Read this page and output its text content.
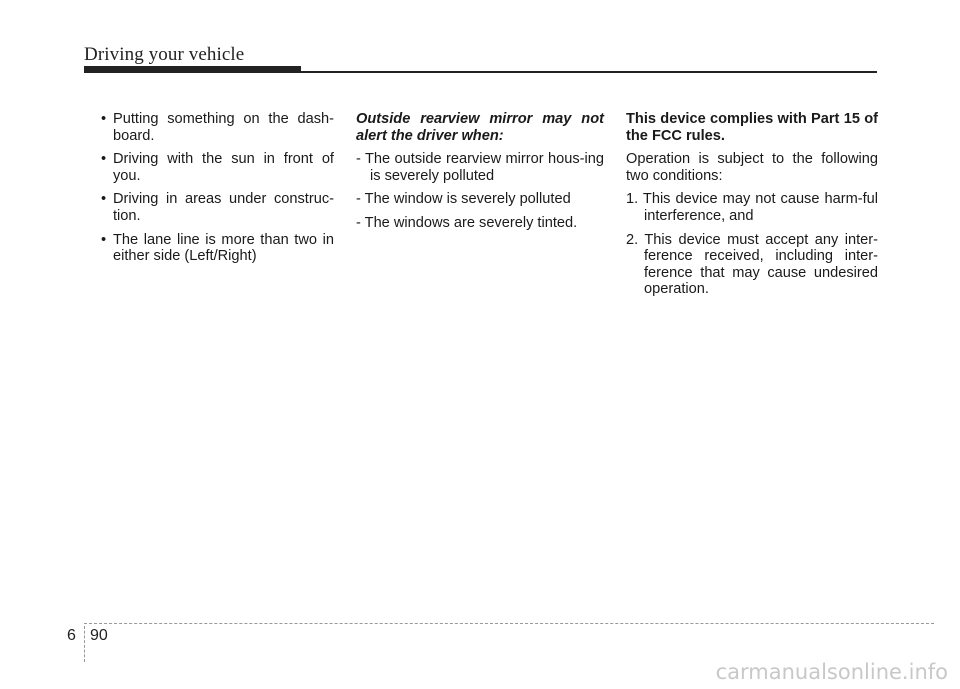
Driving your vehicle
• Putting something on the dash-board.
• Driving with the sun in front of you.
• Driving in areas under construc-tion.
• The lane line is more than two in either side (Left/Right)

Outside rearview mirror may not alert the driver when:

- The outside rearview mirror hous-ing is severely polluted

- The window is severely polluted

- The windows are severely tinted.

This device complies with Part 15 of the FCC rules.

Operation is subject to the following two conditions:

1. This device may not cause harm-ful interference, and

2. This device must accept any inter-ference received, including inter-ference that may cause undesired operation.

6 90
carmanualsonline.info
